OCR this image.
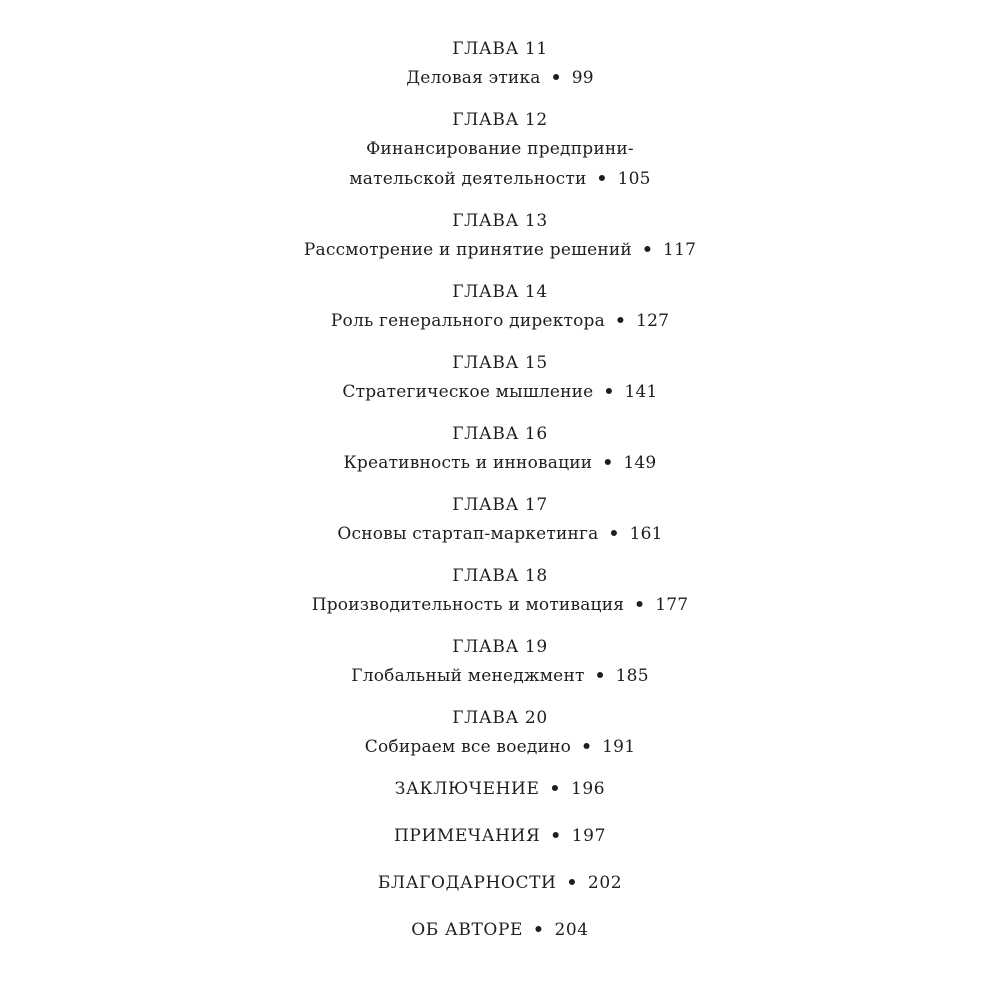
ГЛАВА 11
Деловая этика • 99
ГЛАВА 12
Финансирование предприни-
мательской деятельности • 105
ГЛАВА 13
Рассмотрение и принятие решений • 117
ГЛАВА 14
Роль генерального директора • 127
ГЛАВА 15
Стратегическое мышление • 141
ГЛАВА 16
Креативность и инновации • 149
ГЛАВА 17
Основы стартап-маркетинга • 161
ГЛАВА 18
Производительность и мотивация • 177
ГЛАВА 19
Глобальный менеджмент • 185
ГЛАВА 20
Собираем все воедино • 191
ЗАКЛЮЧЕНИЕ • 196
ПРИМЕЧАНИЯ • 197
БЛАГОДАРНОСТИ • 202
ОБ АВТОРЕ • 204
